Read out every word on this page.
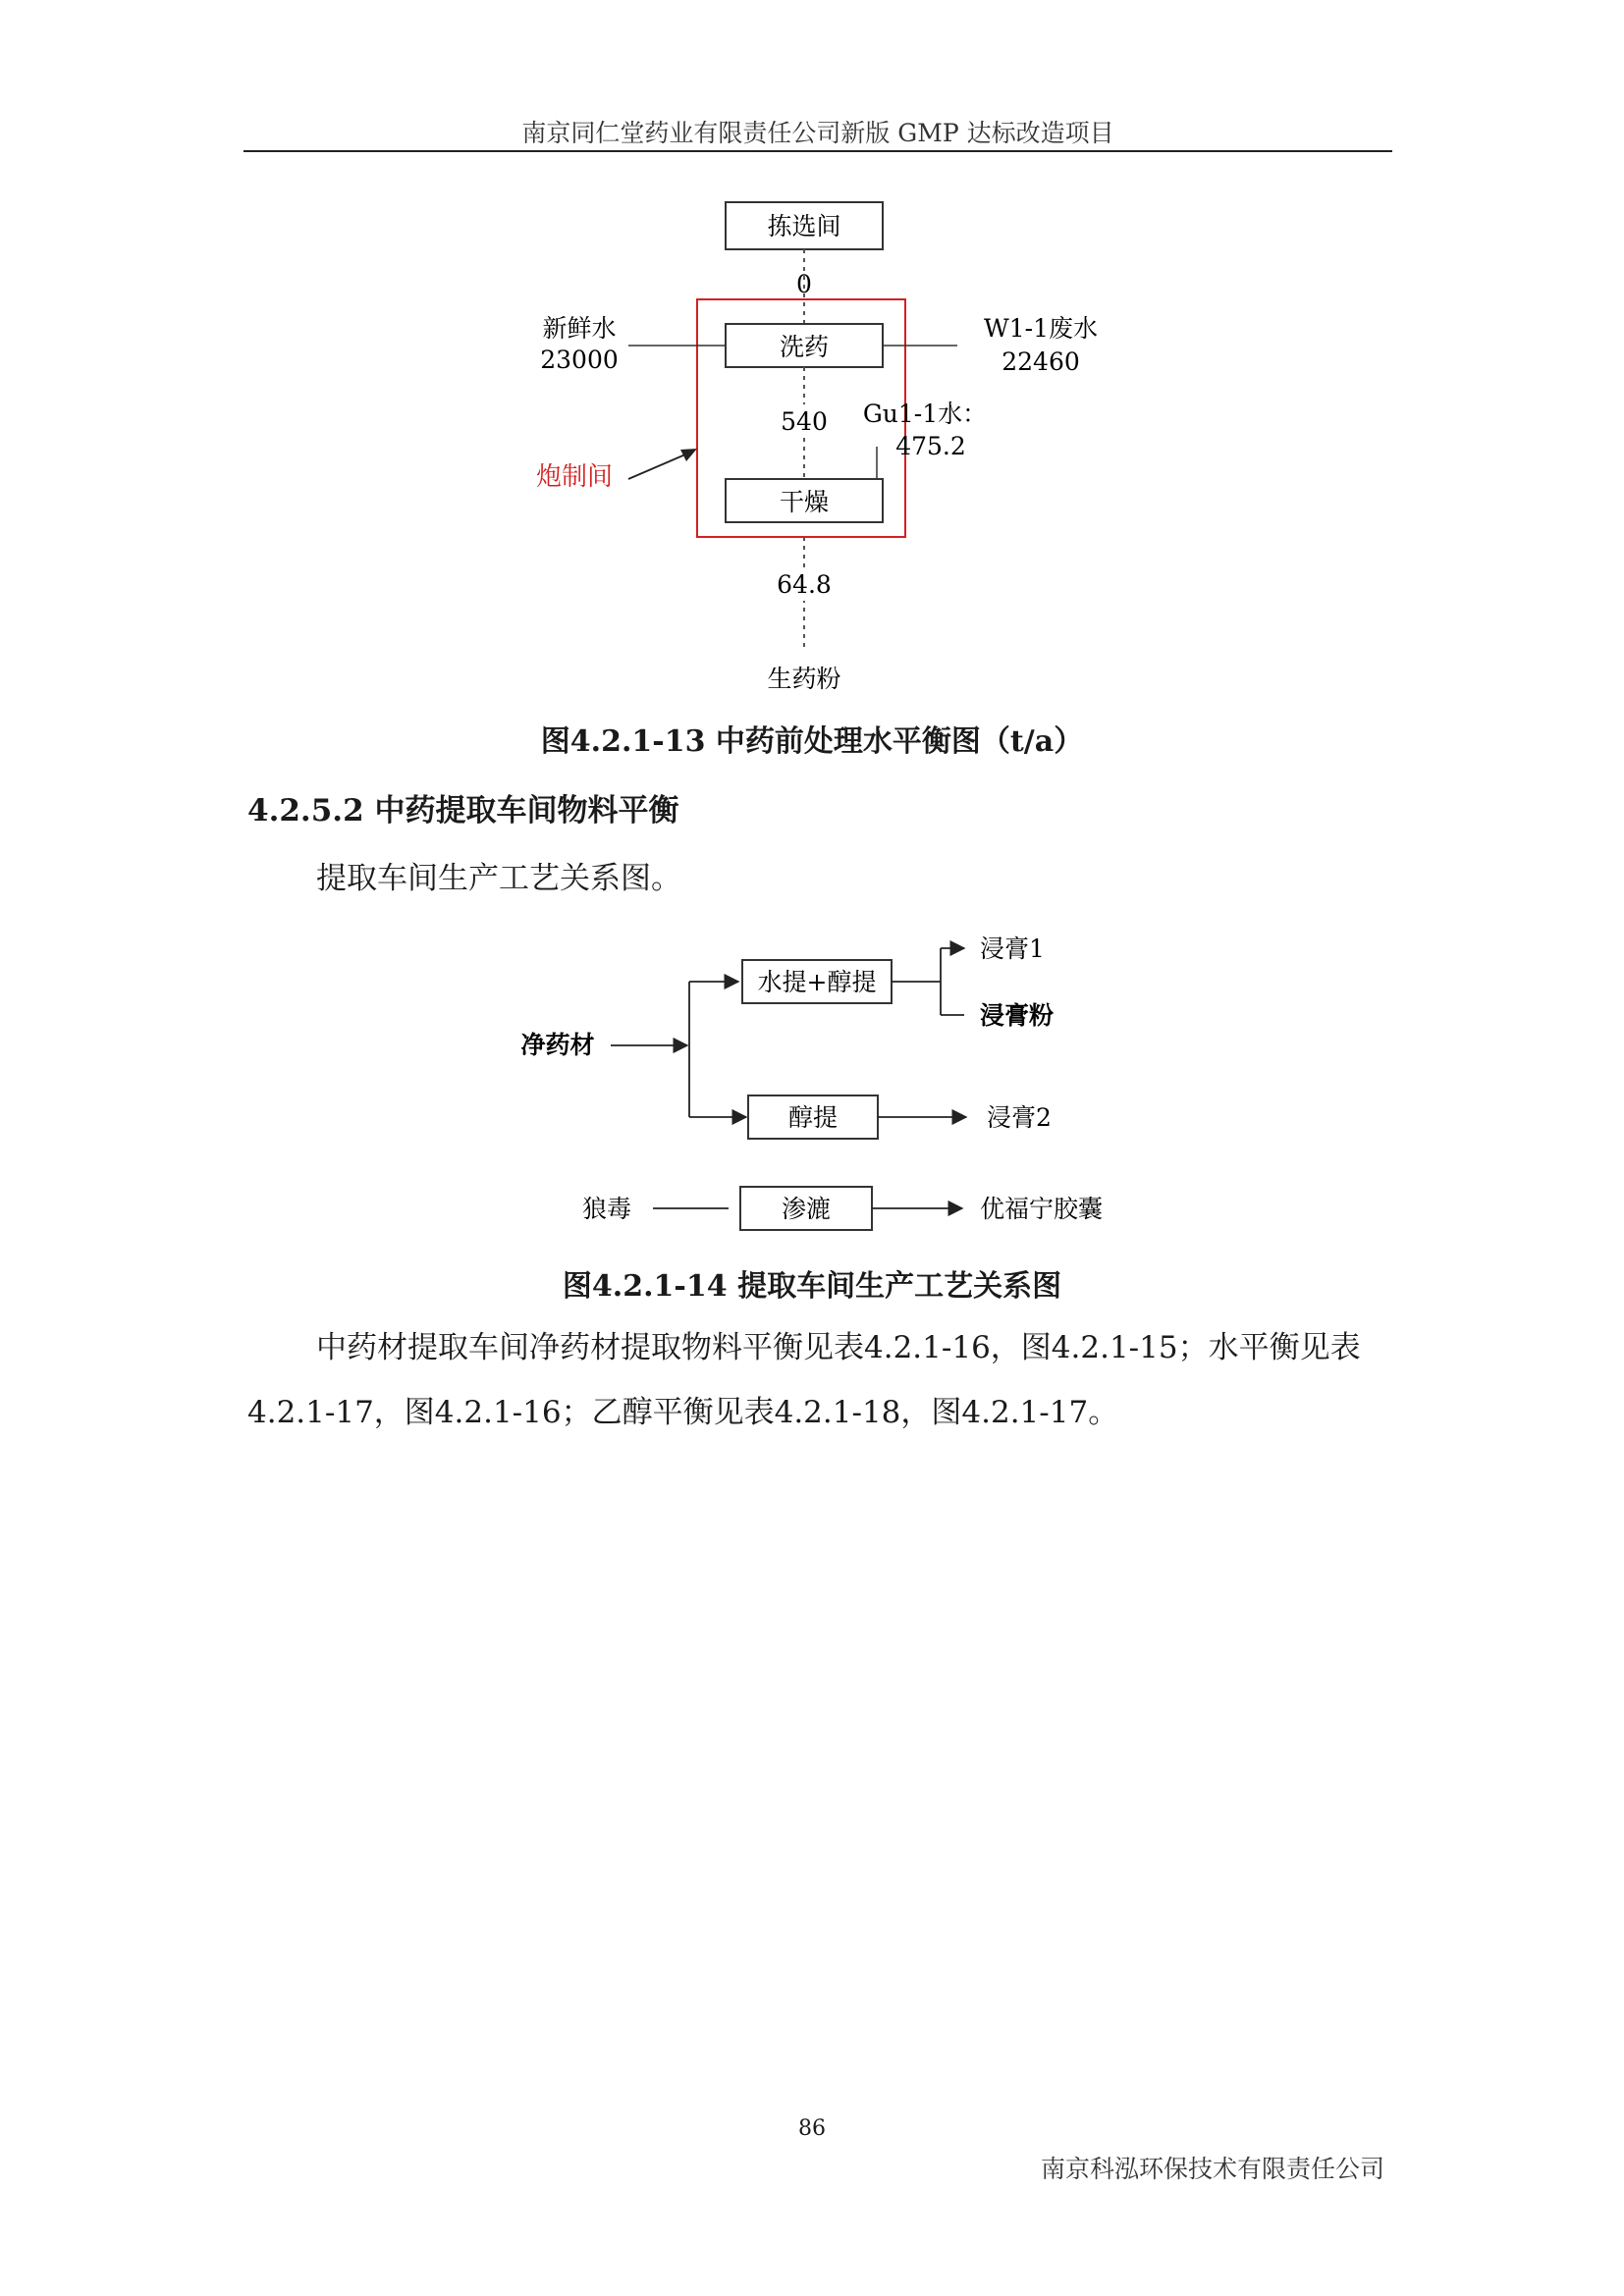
南京同仁堂药业有限责任公司新版 GMP 达标改造项目
拣选间
0
洗药
新鲜水
23000
W1-1废水
22460
540 Gu1-1水：
475.2
干燥
炮制间
64.8
生药粉
图4.2.1-13 中药前处理水平衡图（t/a）
4.2.5.2 中药提取车间物料平衡
提取车间生产工艺关系图。
净药材
水提+醇提
浸膏1
浸膏粉
醇提	浸膏2
狼毒	渗漉	优福宁胶囊
图4.2.1-14 提取车间生产工艺关系图
中药材提取车间净药材提取物料平衡见表4.2.1-16，图4.2.1-15；水平衡见表
4.2.1-17，图4.2.1-16；乙醇平衡见表4.2.1-18，图4.2.1-17。
86
南京科泓环保技术有限责任公司
